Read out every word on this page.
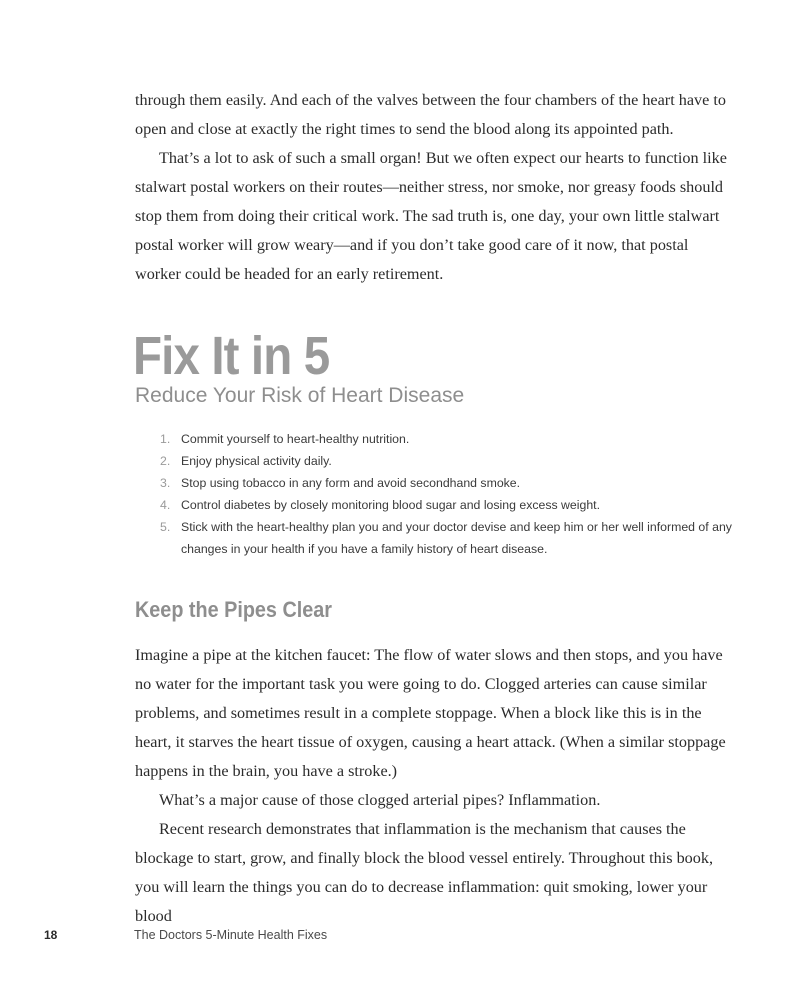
through them easily. And each of the valves between the four chambers of the heart have to open and close at exactly the right times to send the blood along its appointed path.

That’s a lot to ask of such a small organ! But we often expect our hearts to function like stalwart postal workers on their routes—neither stress, nor smoke, nor greasy foods should stop them from doing their critical work. The sad truth is, one day, your own little stalwart postal worker will grow weary—and if you don’t take good care of it now, that postal worker could be headed for an early retirement.

Fix It in 5
Reduce Your Risk of Heart Disease
1. Commit yourself to heart-healthy nutrition.
2. Enjoy physical activity daily.
3. Stop using tobacco in any form and avoid secondhand smoke.
4. Control diabetes by closely monitoring blood sugar and losing excess weight.
5. Stick with the heart-healthy plan you and your doctor devise and keep him or her well informed of any changes in your health if you have a family history of heart disease.
Keep the Pipes Clear

Imagine a pipe at the kitchen faucet: The flow of water slows and then stops, and you have no water for the important task you were going to do. Clogged arteries can cause similar problems, and sometimes result in a complete stoppage. When a block like this is in the heart, it starves the heart tissue of oxygen, causing a heart attack. (When a similar stoppage happens in the brain, you have a stroke.)

What’s a major cause of those clogged arterial pipes? Inflammation.

Recent research demonstrates that inflammation is the mechanism that causes the blockage to start, grow, and finally block the blood vessel entirely. Throughout this book, you will learn the things you can do to decrease inflammation: quit smoking, lower your blood

18	The Doctors 5-Minute Health Fixes
